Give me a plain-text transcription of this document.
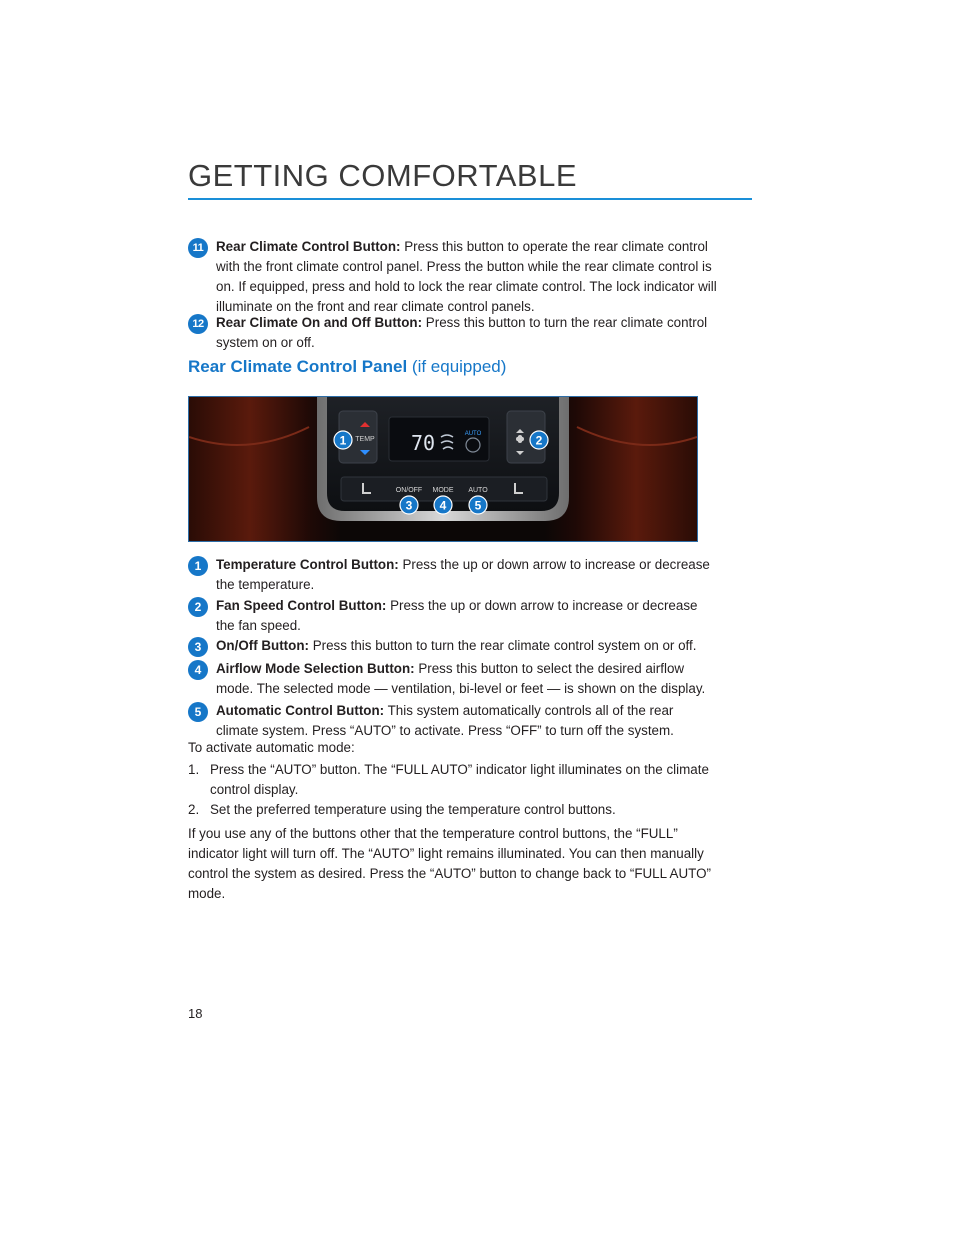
GETTING COMFORTABLE
11 Rear Climate Control Button: Press this button to operate the rear climate control with the front climate control panel. Press the button while the rear climate control is on. If equipped, press and hold to lock the rear climate control. The lock indicator will illuminate on the front and rear climate control panels.
12 Rear Climate On and Off Button: Press this button to turn the rear climate control system on or off.
Rear Climate Control Panel (if equipped)
TEMP 70	AUTO
ON/OFF MODE AUTO
1	2
3 4 5
1	Temperature Control Button: Press the up or down arrow to increase or decrease the temperature.
2	Fan Speed Control Button: Press the up or down arrow to increase or decrease the fan speed.
3	On/Off Button: Press this button to turn the rear climate control system on or off.
4	Airflow Mode Selection Button: Press this button to select the desired airflow mode. The selected mode — ventilation, bi-level or feet — is shown on the display.
5	Automatic Control Button: This system automatically controls all of the rear climate system. Press “AUTO” to activate. Press “OFF” to turn off the system.
To activate automatic mode:
1. Press the “AUTO” button. The “FULL AUTO” indicator light illuminates on the climate control display.
2. Set the preferred temperature using the temperature control buttons.
If you use any of the buttons other that the temperature control buttons, the “FULL” indicator light will turn off. The “AUTO” light remains illuminated. You can then manually control the system as desired. Press the “AUTO” button to change back to “FULL AUTO” mode.
18
